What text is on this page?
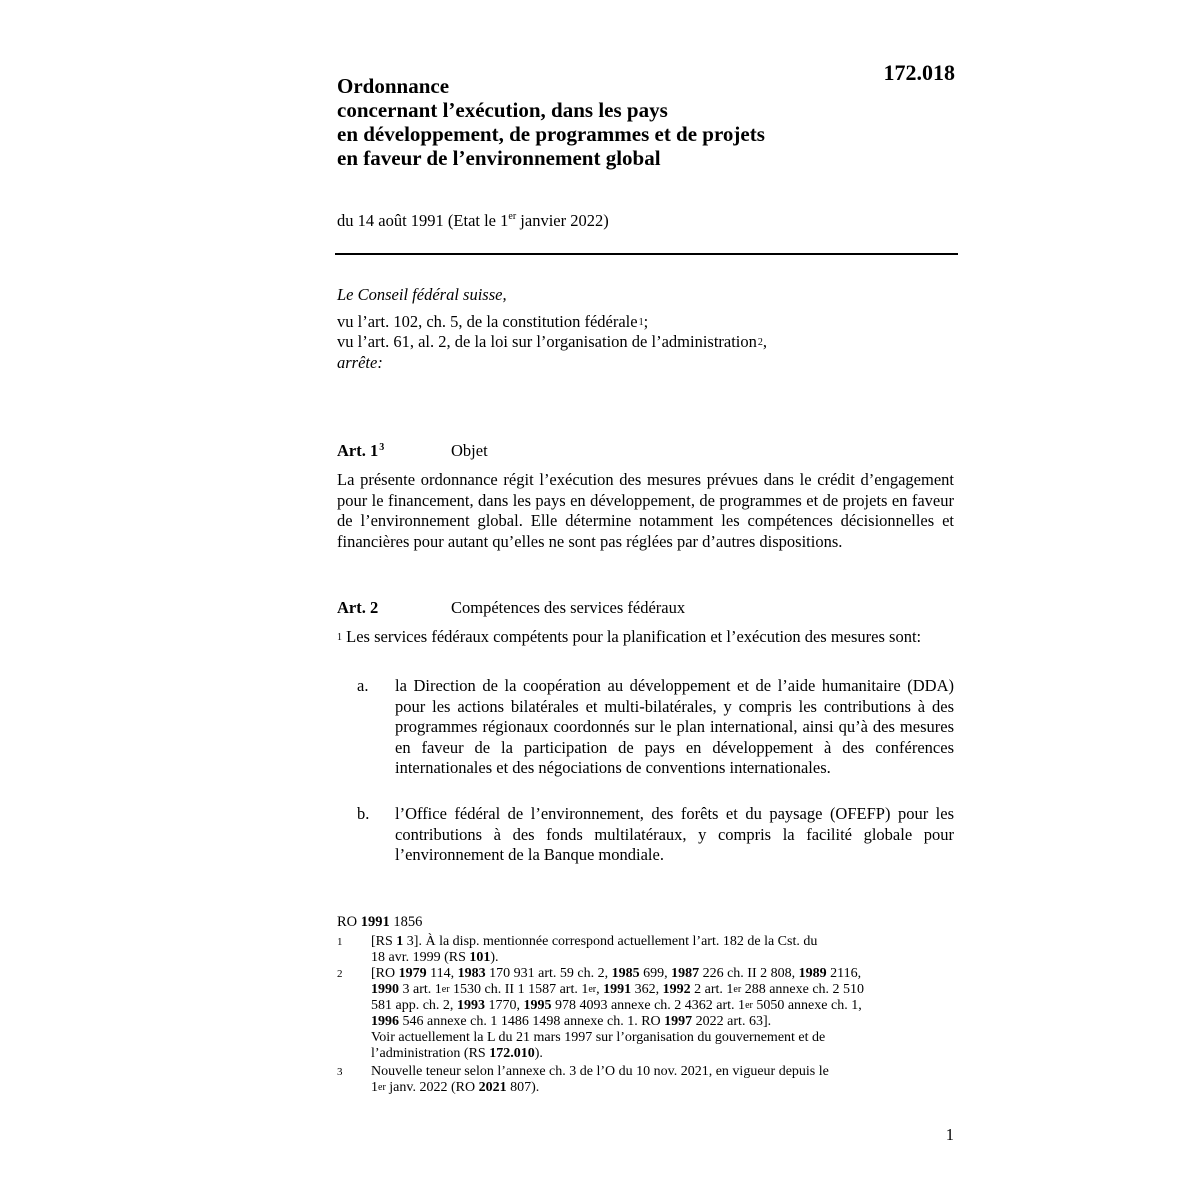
172.018
Ordonnance
concernant l’exécution, dans les pays
en développement, de programmes et de projets
en faveur de l’environnement global
du 14 août 1991 (Etat le 1er janvier 2022)

Le Conseil fédéral suisse,

vu l’art. 102, ch. 5, de la constitution fédérale$^1$;

vu l’art. 61, al. 2, de la loi sur l’organisation de l’administration$^2$,

arrête:

Art. 1$^3$	Objet

La présente ordonnance régit l’exécution des mesures prévues dans le crédit d’engagement pour le financement, dans les pays en développement, de programmes et de projets en faveur de l’environnement global. Elle détermine notamment les compétences décisionnelles et financières pour autant qu’elles ne sont pas réglées par d’autres dispositions.

Art. 2	Compétences des services fédéraux

$^1$ Les services fédéraux compétents pour la planification et l’exécution des mesures sont:

a. la Direction de la coopération au développement et de l’aide humanitaire (DDA) pour les actions bilatérales et multi-bilatérales, y compris les contributions à des programmes régionaux coordonnés sur le plan international, ainsi qu’à des mesures en faveur de la participation de pays en développement à des conférences internationales et des négociations de conventions internationales.
b. l’Office fédéral de l’environnement, des forêts et du paysage (OFEFP) pour les contributions à des fonds multilatéraux, y compris la facilité globale pour l’environnement de la Banque mondiale.
RO 1991 1856
1 [RS 1 3]. À la disp. mentionnée correspond actuellement l’art. 182 de la Cst. du

18 avr. 1999 (RS 101).

2 [RO 1979 114, 1983 170 931 art. 59 ch. 2, 1985 699, 1987 226 ch. II 2 808, 1989 2116,

1990 3 art. 1er 1530 ch. II 1 1587 art. 1er, 1991 362, 1992 2 art. 1er 288 annexe ch. 2 510

581 app. ch. 2, 1993 1770, 1995 978 4093 annexe ch. 2 4362 art. 1er 5050 annexe ch. 1,

1996 546 annexe ch. 1 1486 1498 annexe ch. 1. RO 1997 2022 art. 63].

Voir actuellement la L du 21 mars 1997 sur l’organisation du gouvernement et de

l’administration (RS 172.010).

3 Nouvelle teneur selon l’annexe ch. 3 de l’O du 10 nov. 2021, en vigueur depuis le

1er janv. 2022 (RO 2021 807).

1
